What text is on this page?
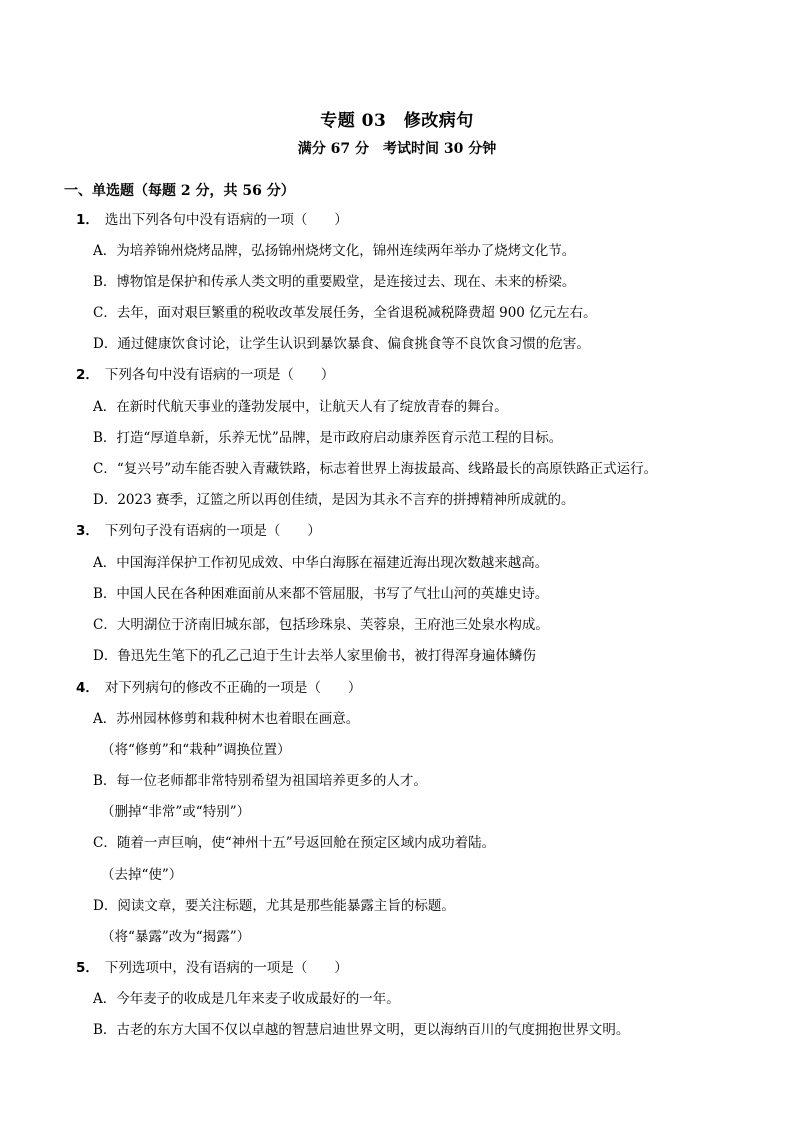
专题 03　修改病句
满分 67 分　考试时间 30 分钟
一、单选题（每题 2 分，共 56 分）
1． 选出下列各句中没有语病的一项（　　）
A．为培养锦州烧烤品牌，弘扬锦州烧烤文化，锦州连续两年举办了烧烤文化节。
B．博物馆是保护和传承人类文明的重要殿堂，是连接过去、现在、未来的桥梁。
C．去年，面对艰巨繁重的税收改革发展任务，全省退税减税降费超 900 亿元左右。
D．通过健康饮食讨论，让学生认识到暴饮暴食、偏食挑食等不良饮食习惯的危害。
2． 下列各句中没有语病的一项是（　　）
A．在新时代航天事业的蓬勃发展中，让航天人有了绽放青春的舞台。
B．打造“厚道阜新，乐养无忧”品牌，是市政府启动康养医育示范工程的目标。
C．“复兴号”动车能否驶入青藏铁路，标志着世界上海拔最高、线路最长的高原铁路正式运行。
D．2023 赛季，辽篮之所以再创佳绩，是因为其永不言弃的拼搏精神所成就的。
3． 下列句子没有语病的一项是（　　）
A．中国海洋保护工作初见成效、中华白海豚在福建近海出现次数越来越高。
B．中国人民在各种困难面前从来都不管屈服，书写了气壮山河的英雄史诗。
C．大明湖位于济南旧城东部，包括珍珠泉、芙蓉泉，王府池三处泉水构成。
D．鲁迅先生笔下的孔乙己迫于生计去举人家里偷书，被打得浑身遍体鳞伤
4． 对下列病句的修改不正确的一项是（　　）
A．苏州园林修剪和栽种树木也着眼在画意。
（将“修剪”和“栽种”调换位置）
B．每一位老师都非常特别希望为祖国培养更多的人才。
（删掉“非常”或“特别”）
C．随着一声巨响，使“神州十五”号返回舱在预定区域内成功着陆。
（去掉“使”）
D．阅读文章，要关注标题，尤其是那些能暴露主旨的标题。
（将“暴露”改为“揭露”）
5． 下列选项中，没有语病的一项是（　　）
A．今年麦子的收成是几年来麦子收成最好的一年。
B．古老的东方大国不仅以卓越的智慧启迪世界文明，更以海纳百川的气度拥抱世界文明。
